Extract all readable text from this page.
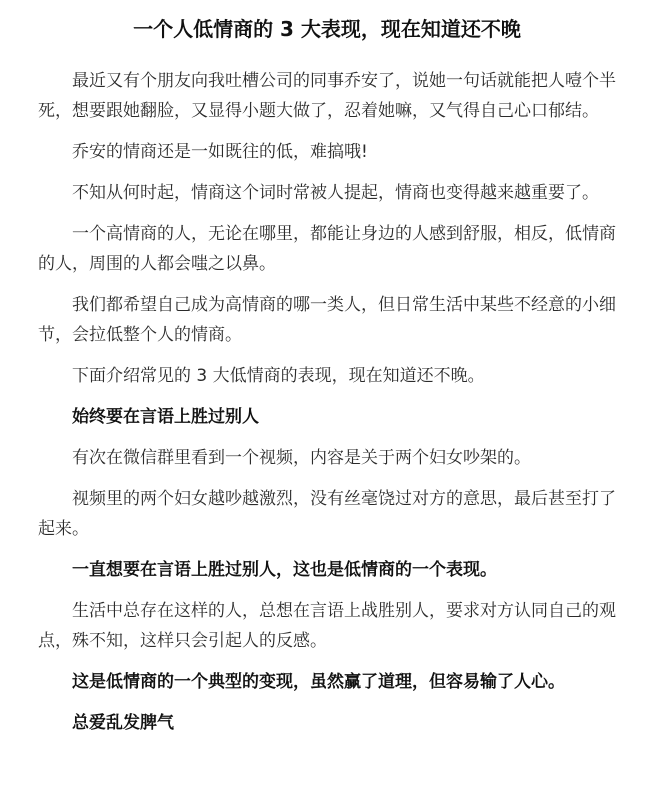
一个人低情商的 3 大表现，现在知道还不晚

最近又有个朋友向我吐槽公司的同事乔安了，说她一句话就能把人噎个半死，想要跟她翻脸，又显得小题大做了，忍着她嘛，又气得自己心口郁结。

乔安的情商还是一如既往的低，难搞哦!

不知从何时起，情商这个词时常被人提起，情商也变得越来越重要了。

一个高情商的人，无论在哪里，都能让身边的人感到舒服，相反，低情商的人，周围的人都会嗤之以鼻。

我们都希望自己成为高情商的哪一类人，但日常生活中某些不经意的小细节，会拉低整个人的情商。

下面介绍常见的 3 大低情商的表现，现在知道还不晚。

始终要在言语上胜过别人

有次在微信群里看到一个视频，内容是关于两个妇女吵架的。

视频里的两个妇女越吵越激烈，没有丝毫饶过对方的意思，最后甚至打了起来。

一直想要在言语上胜过别人，这也是低情商的一个表现。

生活中总存在这样的人，总想在言语上战胜别人，要求对方认同自己的观点，殊不知，这样只会引起人的反感。

这是低情商的一个典型的变现，虽然赢了道理，但容易输了人心。

总爱乱发脾气
